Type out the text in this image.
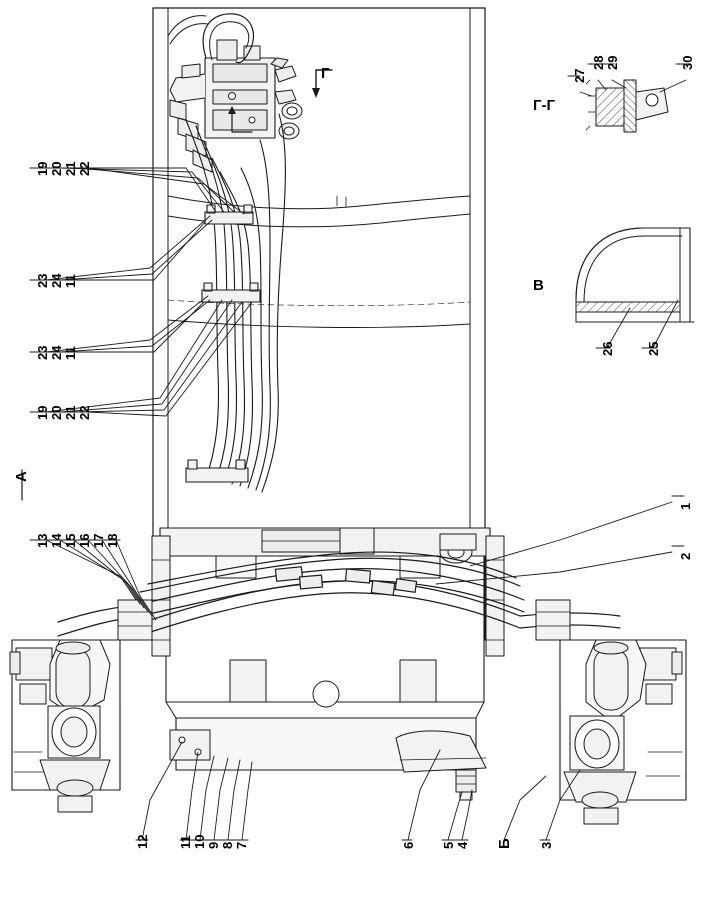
19 20 21 22
23 24 11
23 24 11
19 20 21 22
А
13 14 15 16 17 18
1
2
12 11 10 9 8 7	6 5 4 Б 3
Г
Г-Г
27
28 29	30
В
26 25
